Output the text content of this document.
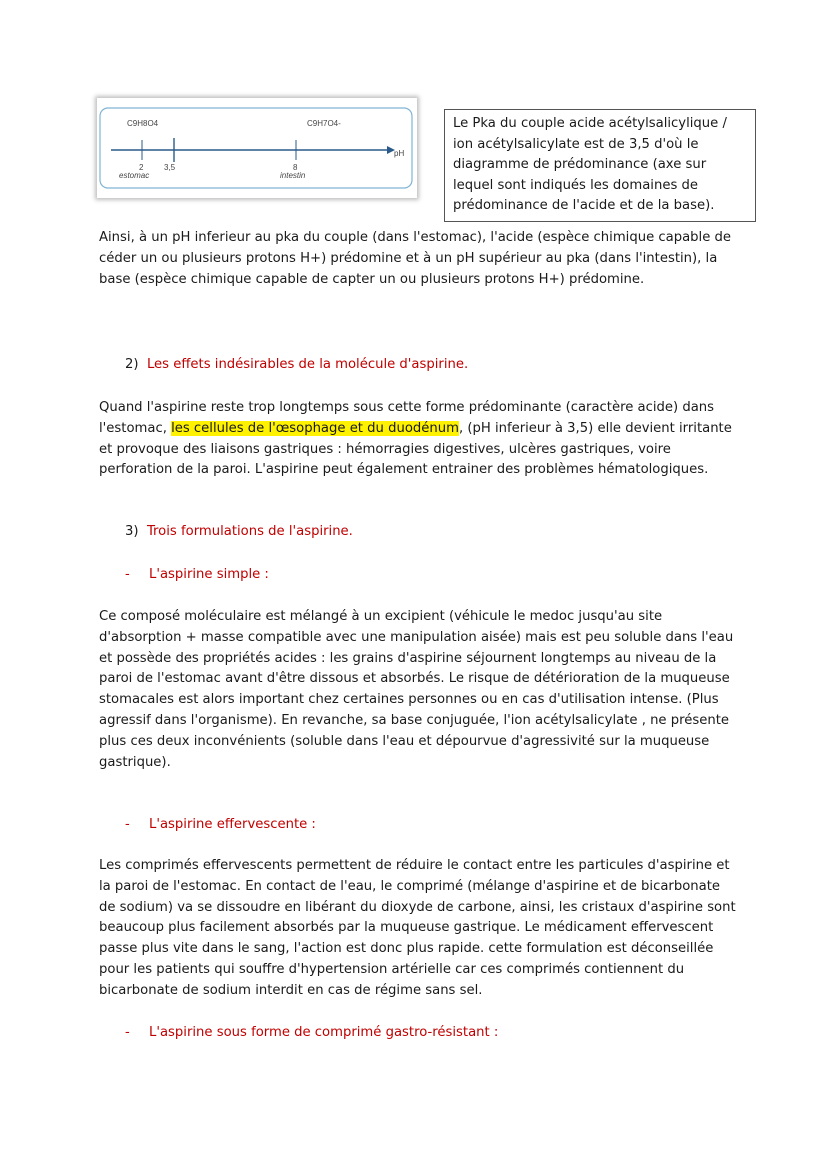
C9H8O4	C9H7O4-
pH
2	3,5	8
estomac	intestin
Le Pka du couple acide acétylsalicylique / ion acétylsalicylate est de 3,5 d'où le diagramme de prédominance (axe sur lequel sont indiqués les domaines de prédominance de l'acide et de la base).

Ainsi, à un pH inferieur au pka du couple (dans l'estomac), l'acide (espèce chimique capable de céder un ou plusieurs protons H+) prédomine et à un pH supérieur au pka (dans l'intestin), la base (espèce chimique capable de capter un ou plusieurs protons H+) prédomine.

2) Les effets indésirables de la molécule d'aspirine.

Quand l'aspirine reste trop longtemps sous cette forme prédominante (caractère acide) dans l'estomac, les cellules de l'œsophage et du duodénum, (pH inferieur à 3,5) elle devient irritante et provoque des liaisons gastriques : hémorragies digestives, ulcères gastriques, voire perforation de la paroi. L'aspirine peut également entrainer des problèmes hématologiques.

3) Trois formulations de l'aspirine.
- L'aspirine simple :

Ce composé moléculaire est mélangé à un excipient (véhicule le medoc jusqu'au site d'absorption + masse compatible avec une manipulation aisée) mais est peu soluble dans l'eau et possède des propriétés acides : les grains d'aspirine séjournent longtemps au niveau de la paroi de l'estomac avant d'être dissous et absorbés. Le risque de détérioration de la muqueuse stomacales est alors important chez certaines personnes ou en cas d'utilisation intense. (Plus agressif dans l'organisme). En revanche, sa base conjuguée, l'ion acétylsalicylate , ne présente plus ces deux inconvénients (soluble dans l'eau et dépourvue d'agressivité sur la muqueuse gastrique).

- L'aspirine effervescente :

Les comprimés effervescents permettent de réduire le contact entre les particules d'aspirine et la paroi de l'estomac. En contact de l'eau, le comprimé (mélange d'aspirine et de bicarbonate de sodium) va se dissoudre en libérant du dioxyde de carbone, ainsi, les cristaux d'aspirine sont beaucoup plus facilement absorbés par la muqueuse gastrique. Le médicament effervescent passe plus vite dans le sang, l'action est donc plus rapide. cette formulation est déconseillée pour les patients qui souffre d'hypertension artérielle car ces comprimés contiennent du bicarbonate de sodium interdit en cas de régime sans sel.

- L'aspirine sous forme de comprimé gastro-résistant :
